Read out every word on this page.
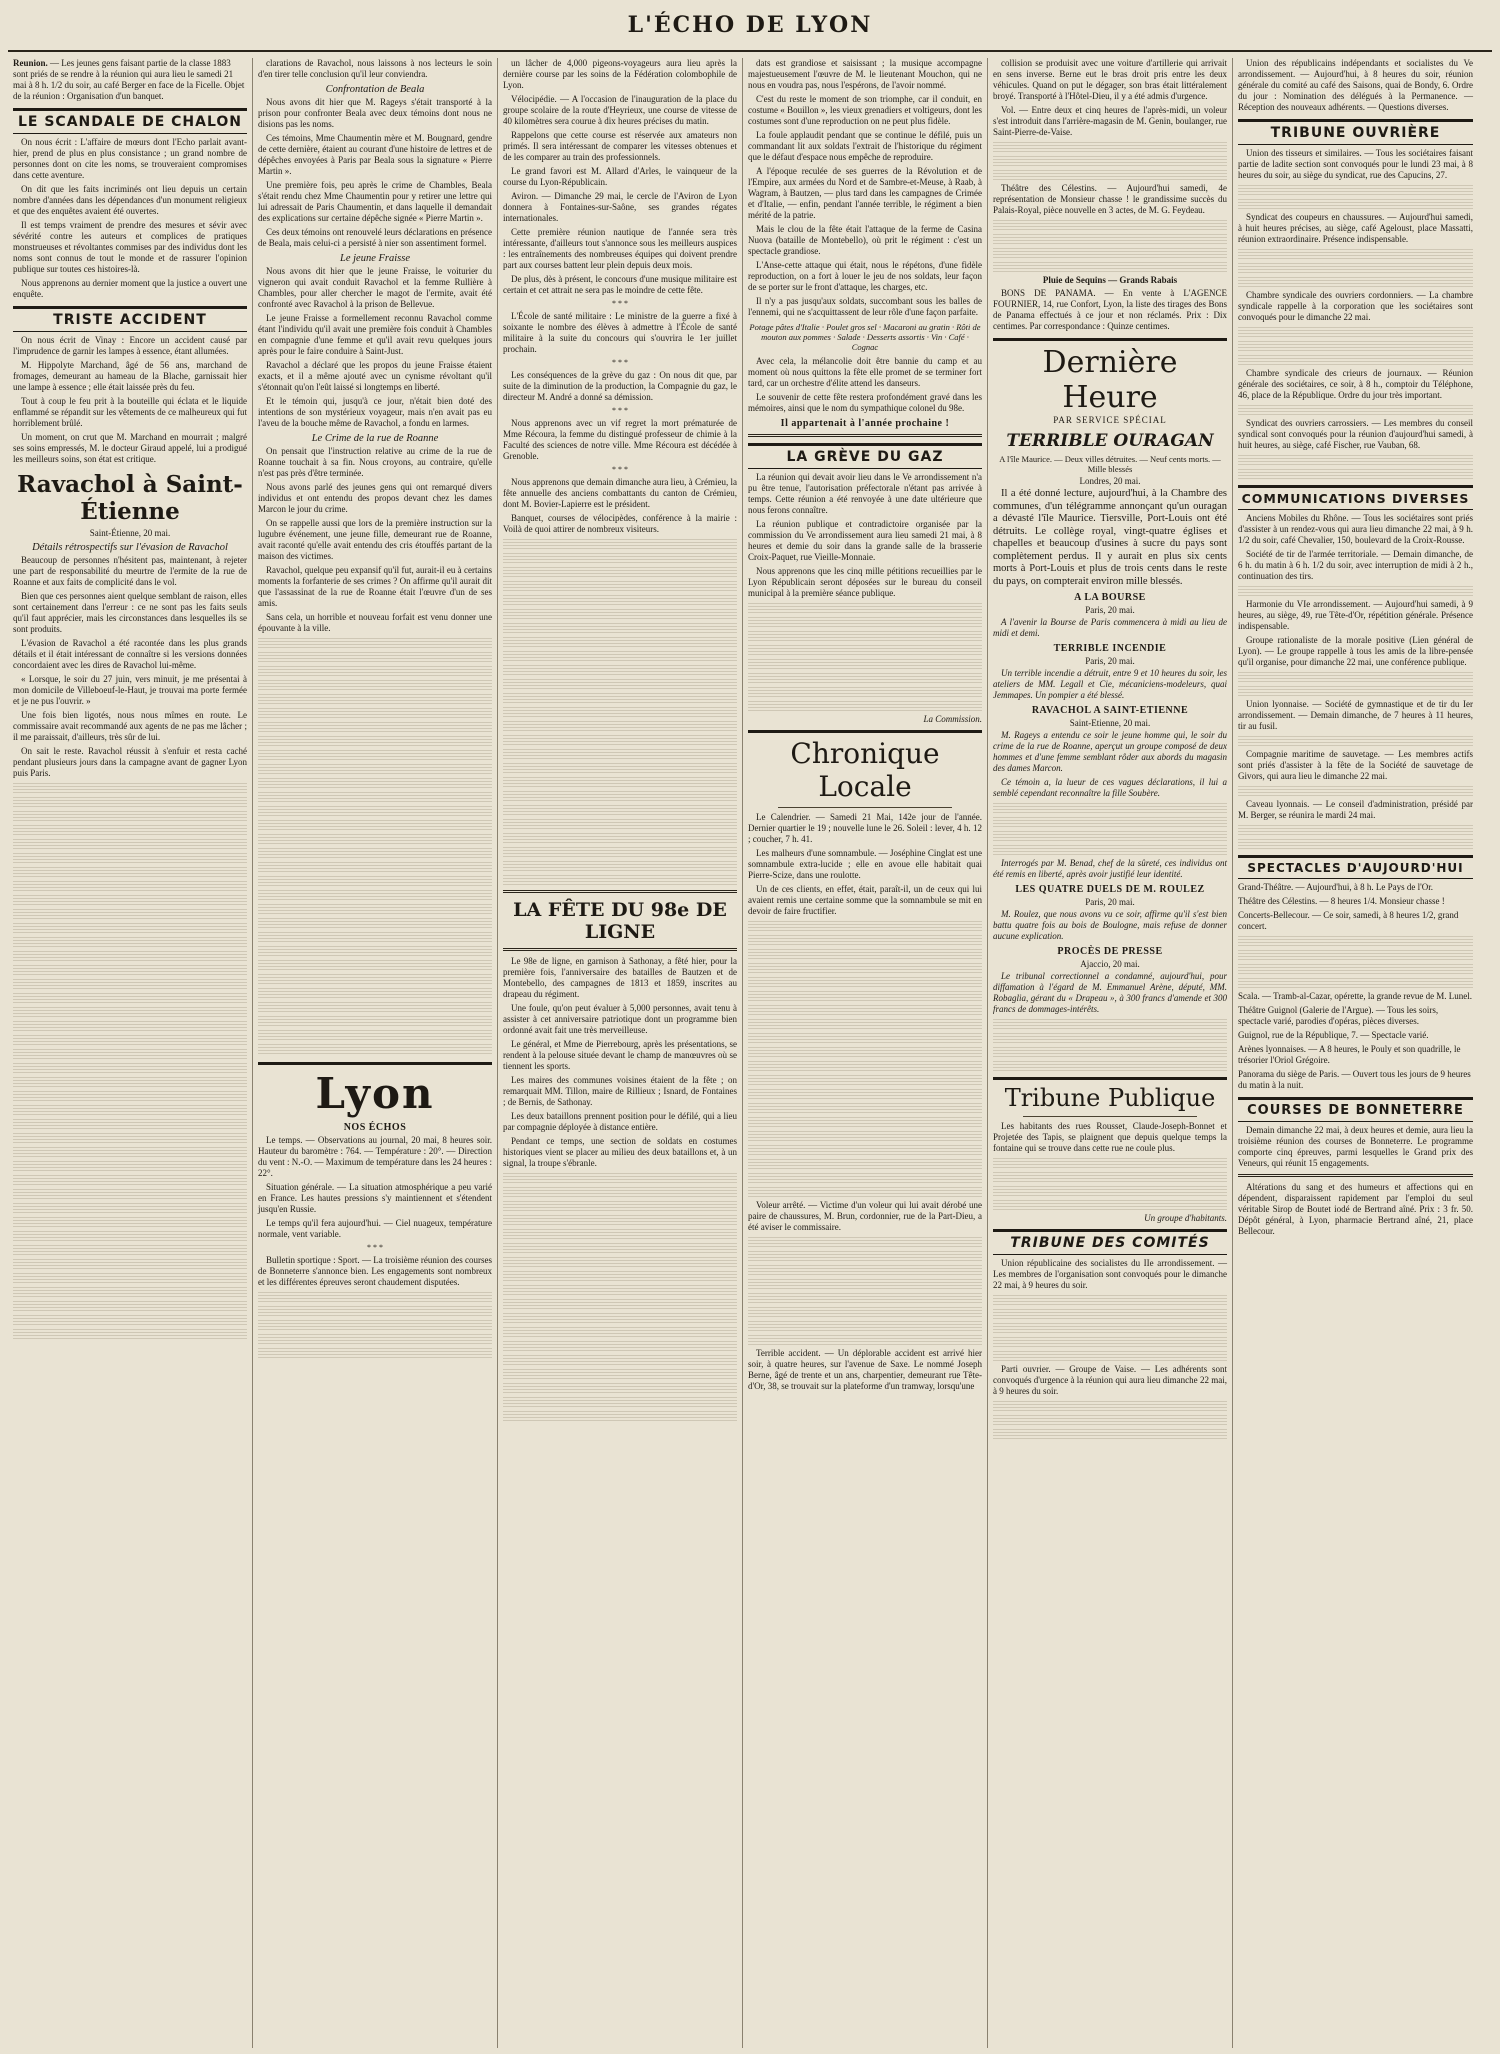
L'ÉCHO DE LYON
Reunion. — Les jeunes gens faisant partie de la classe 1883 sont priés de se rendre à la réunion qui aura lieu le samedi 21 mai à 8 h. 1/2 du soir, au café Berger en face de la Ficelle. Objet de la réunion : Organisation d'un banquet.
LE SCANDALE DE CHALON

On nous écrit : L'affaire de mœurs dont l'Echo parlait avant-hier, prend de plus en plus consistance ; un grand nombre de personnes dont on cite les noms, se trouveraient compromises dans cette aventure.

On dit que les faits incriminés ont lieu depuis un certain nombre d'années dans les dépendances d'un monument religieux et que des enquêtes avaient été ouvertes.

Il est temps vraiment de prendre des mesures et sévir avec sévérité contre les auteurs et complices de pratiques monstrueuses et révoltantes commises par des individus dont les noms sont connus de tout le monde et de rassurer l'opinion publique sur toutes ces histoires-là.

Nous apprenons au dernier moment que la justice a ouvert une enquête.

TRISTE ACCIDENT

On nous écrit de Vinay : Encore un accident causé par l'imprudence de garnir les lampes à essence, étant allumées.

M. Hippolyte Marchand, âgé de 56 ans, marchand de fromages, demeurant au hameau de la Blache, garnissait hier une lampe à essence ; elle était laissée près du feu.

Tout à coup le feu prit à la bouteille qui éclata et le liquide enflammé se répandit sur les vêtements de ce malheureux qui fut horriblement brûlé.

Un moment, on crut que M. Marchand en mourrait ; malgré ses soins empressés, M. le docteur Giraud appelé, lui a prodigué les meilleurs soins, son état est critique.

Ravachol à Saint-Étienne
Saint-Étienne, 20 mai.
Détails rétrospectifs sur l'évasion de Ravachol

Beaucoup de personnes n'hésitent pas, maintenant, à rejeter une part de responsabilité du meurtre de l'ermite de la rue de Roanne et aux faits de complicité dans le vol.

Bien que ces personnes aient quelque semblant de raison, elles sont certainement dans l'erreur : ce ne sont pas les faits seuls qu'il faut apprécier, mais les circonstances dans lesquelles ils se sont produits.

L'évasion de Ravachol a été racontée dans les plus grands détails et il était intéressant de connaître si les versions données concordaient avec les dires de Ravachol lui-même.

« Lorsque, le soir du 27 juin, vers minuit, je me présentai à mon domicile de Villeboeuf-le-Haut, je trouvai ma porte fermée et je ne pus l'ouvrir. »

Une fois bien ligotés, nous nous mîmes en route. Le commissaire avait recommandé aux agents de ne pas me lâcher ; il me paraissait, d'ailleurs, très sûr de lui.

On sait le reste. Ravachol réussit à s'enfuir et resta caché pendant plusieurs jours dans la campagne avant de gagner Lyon puis Paris.

clarations de Ravachol, nous laissons à nos lecteurs le soin d'en tirer telle conclusion qu'il leur conviendra.

Confrontation de Beala

Nous avons dit hier que M. Rageys s'était transporté à la prison pour confronter Beala avec deux témoins dont nous ne disions pas les noms.

Ces témoins, Mme Chaumentin mère et M. Bougnard, gendre de cette dernière, étaient au courant d'une histoire de lettres et de dépêches envoyées à Paris par Beala sous la signature « Pierre Martin ».

Une première fois, peu après le crime de Chambles, Beala s'était rendu chez Mme Chaumentin pour y retirer une lettre qui lui adressait de Paris Chaumentin, et dans laquelle il demandait des explications sur certaine dépêche signée « Pierre Martin ».

Ces deux témoins ont renouvelé leurs déclarations en présence de Beala, mais celui-ci a persisté à nier son assentiment formel.

Le jeune Fraisse

Nous avons dit hier que le jeune Fraisse, le voiturier du vigneron qui avait conduit Ravachol et la femme Rullière à Chambles, pour aller chercher le magot de l'ermite, avait été confronté avec Ravachol à la prison de Bellevue.

Le jeune Fraisse a formellement reconnu Ravachol comme étant l'individu qu'il avait une première fois conduit à Chambles en compagnie d'une femme et qu'il avait revu quelques jours après pour le faire conduire à Saint-Just.

Ravachol a déclaré que les propos du jeune Fraisse étaient exacts, et il a même ajouté avec un cynisme révoltant qu'il s'étonnait qu'on l'eût laissé si longtemps en liberté.

Et le témoin qui, jusqu'à ce jour, n'était bien doté des intentions de son mystérieux voyageur, mais n'en avait pas eu l'aveu de la bouche même de Ravachol, a fondu en larmes.

Le Crime de la rue de Roanne

On pensait que l'instruction relative au crime de la rue de Roanne touchait à sa fin. Nous croyons, au contraire, qu'elle n'est pas près d'être terminée.

Nous avons parlé des jeunes gens qui ont remarqué divers individus et ont entendu des propos devant chez les dames Marcon le jour du crime.

On se rappelle aussi que lors de la première instruction sur la lugubre événement, une jeune fille, demeurant rue de Roanne, avait raconté qu'elle avait entendu des cris étouffés partant de la maison des victimes.

Ravachol, quelque peu expansif qu'il fut, aurait-il eu à certains moments la forfanterie de ses crimes ? On affirme qu'il aurait dit que l'assassinat de la rue de Roanne était l'œuvre d'un de ses amis.

Sans cela, un horrible et nouveau forfait est venu donner une épouvante à la ville.

Lyon
NOS ÉCHOS

Le temps. — Observations au journal, 20 mai, 8 heures soir. Hauteur du baromètre : 764. — Température : 20°. — Direction du vent : N.-O. — Maximum de température dans les 24 heures : 22°.

Situation générale. — La situation atmosphérique a peu varié en France. Les hautes pressions s'y maintiennent et s'étendent jusqu'en Russie.

Le temps qu'il fera aujourd'hui. — Ciel nuageux, température normale, vent variable.

* * *

Bulletin sportique : Sport. — La troisième réunion des courses de Bonneterre s'annonce bien. Les engagements sont nombreux et les différentes épreuves seront chaudement disputées.

un lâcher de 4,000 pigeons-voyageurs aura lieu après la dernière course par les soins de la Fédération colombophile de Lyon.

Vélocipédie. — A l'occasion de l'inauguration de la place du groupe scolaire de la route d'Heyrieux, une course de vitesse de 40 kilomètres sera courue à dix heures précises du matin.

Rappelons que cette course est réservée aux amateurs non primés. Il sera intéressant de comparer les vitesses obtenues et de les comparer au train des professionnels.

Le grand favori est M. Allard d'Arles, le vainqueur de la course du Lyon-Républicain.

Aviron. — Dimanche 29 mai, le cercle de l'Aviron de Lyon donnera à Fontaines-sur-Saône, ses grandes régates internationales.

Cette première réunion nautique de l'année sera très intéressante, d'ailleurs tout s'annonce sous les meilleurs auspices : les entraînements des nombreuses équipes qui doivent prendre part aux courses battent leur plein depuis deux mois.

De plus, dès à présent, le concours d'une musique militaire est certain et cet attrait ne sera pas le moindre de cette fête.

* * *

L'École de santé militaire : Le ministre de la guerre a fixé à soixante le nombre des élèves à admettre à l'École de santé militaire à la suite du concours qui s'ouvrira le 1er juillet prochain.

* * *

Les conséquences de la grève du gaz : On nous dit que, par suite de la diminution de la production, la Compagnie du gaz, le directeur M. André a donné sa démission.

* * *

Nous apprenons avec un vif regret la mort prématurée de Mme Récoura, la femme du distingué professeur de chimie à la Faculté des sciences de notre ville. Mme Récoura est décédée à Grenoble.

* * *

Nous apprenons que demain dimanche aura lieu, à Crémieu, la fête annuelle des anciens combattants du canton de Crémieu, dont M. Bovier-Lapierre est le président.

Banquet, courses de vélocipèdes, conférence à la mairie : Voilà de quoi attirer de nombreux visiteurs.

LA FÊTE DU 98e DE LIGNE

Le 98e de ligne, en garnison à Sathonay, a fêté hier, pour la première fois, l'anniversaire des batailles de Bautzen et de Montebello, des campagnes de 1813 et 1859, inscrites au drapeau du régiment.

Une foule, qu'on peut évaluer à 5,000 personnes, avait tenu à assister à cet anniversaire patriotique dont un programme bien ordonné avait fait une très merveilleuse.

Le général, et Mme de Pierrebourg, après les présentations, se rendent à la pelouse située devant le champ de manœuvres où se tiennent les sports.

Les maires des communes voisines étaient de la fête ; on remarquait MM. Tillon, maire de Rillieux ; Isnard, de Fontaines ; de Bernis, de Sathonay.

Les deux bataillons prennent position pour le défilé, qui a lieu par compagnie déployée à distance entière.

Pendant ce temps, une section de soldats en costumes historiques vient se placer au milieu des deux bataillons et, à un signal, la troupe s'ébranle.

dats est grandiose et saisissant ; la musique accompagne majestueusement l'œuvre de M. le lieutenant Mouchon, qui ne nous en voudra pas, nous l'espérons, de l'avoir nommé.

C'est du reste le moment de son triomphe, car il conduit, en costume « Bouillon », les vieux grenadiers et voltigeurs, dont les costumes sont d'une reproduction on ne peut plus fidèle.

La foule applaudit pendant que se continue le défilé, puis un commandant lit aux soldats l'extrait de l'historique du régiment que le défaut d'espace nous empêche de reproduire.

A l'époque reculée de ses guerres de la Révolution et de l'Empire, aux armées du Nord et de Sambre-et-Meuse, à Raab, à Wagram, à Bautzen, — plus tard dans les campagnes de Crimée et d'Italie, — enfin, pendant l'année terrible, le régiment a bien mérité de la patrie.

Mais le clou de la fête était l'attaque de la ferme de Casina Nuova (bataille de Montebello), où prit le régiment : c'est un spectacle grandiose.

L'Anse-cette attaque qui était, nous le répétons, d'une fidèle reproduction, on a fort à louer le jeu de nos soldats, leur façon de se porter sur le front d'attaque, les charges, etc.

Il n'y a pas jusqu'aux soldats, succombant sous les balles de l'ennemi, qui ne s'acquittassent de leur rôle d'une façon parfaite.

Potage pâtes d'Italie · Poulet gros sel · Macaroni au gratin · Rôti de mouton aux pommes · Salade · Desserts assortis · Vin · Café · Cognac

Avec cela, la mélancolie doit être bannie du camp et au moment où nous quittons la fête elle promet de se terminer fort tard, car un orchestre d'élite attend les danseurs.

Le souvenir de cette fête restera profondément gravé dans les mémoires, ainsi que le nom du sympathique colonel du 98e.

Il appartenait à l'année prochaine !
LA GRÈVE DU GAZ

La réunion qui devait avoir lieu dans le Ve arrondissement n'a pu être tenue, l'autorisation préfectorale n'étant pas arrivée à temps. Cette réunion a été renvoyée à une date ultérieure que nous ferons connaître.

La réunion publique et contradictoire organisée par la commission du Ve arrondissement aura lieu samedi 21 mai, à 8 heures et demie du soir dans la grande salle de la brasserie Croix-Paquet, rue Vieille-Monnaie.

Nous apprenons que les cinq mille pétitions recueillies par le Lyon Républicain seront déposées sur le bureau du conseil municipal à la première séance publique.

La Commission.
Chronique Locale

Le Calendrier. — Samedi 21 Mai, 142e jour de l'année. Dernier quartier le 19 ; nouvelle lune le 26. Soleil : lever, 4 h. 12 ; coucher, 7 h. 41.

Les malheurs d'une somnambule. — Joséphine Cinglat est une somnambule extra-lucide ; elle en avoue elle habitait quai Pierre-Scize, dans une roulotte.

Un de ces clients, en effet, était, paraît-il, un de ceux qui lui avaient remis une certaine somme que la somnambule se mit en devoir de faire fructifier.

Voleur arrêté. — Victime d'un voleur qui lui avait dérobé une paire de chaussures, M. Brun, cordonnier, rue de la Part-Dieu, a été aviser le commissaire.

Terrible accident. — Un déplorable accident est arrivé hier soir, à quatre heures, sur l'avenue de Saxe. Le nommé Joseph Berne, âgé de trente et un ans, charpentier, demeurant rue Tête-d'Or, 38, se trouvait sur la plateforme d'un tramway, lorsqu'une

collision se produisit avec une voiture d'artillerie qui arrivait en sens inverse. Berne eut le bras droit pris entre les deux véhicules. Quand on put le dégager, son bras était littéralement broyé. Transporté à l'Hôtel-Dieu, il y a été admis d'urgence.

Vol. — Entre deux et cinq heures de l'après-midi, un voleur s'est introduit dans l'arrière-magasin de M. Genin, boulanger, rue Saint-Pierre-de-Vaise.

Théâtre des Célestins. — Aujourd'hui samedi, 4e représentation de Monsieur chasse ! le grandissime succès du Palais-Royal, pièce nouvelle en 3 actes, de M. G. Feydeau.

Pluie de Sequins — Grands Rabais

BONS DE PANAMA. — En vente à L'AGENCE FOURNIER, 14, rue Confort, Lyon, la liste des tirages des Bons de Panama effectués à ce jour et non réclamés. Prix : Dix centimes. Par correspondance : Quinze centimes.

Dernière Heure
PAR SERVICE SPÉCIAL
TERRIBLE OURAGAN
A l'île Maurice. — Deux villes détruites. — Neuf cents morts. — Mille blessés
Londres, 20 mai.

Il a été donné lecture, aujourd'hui, à la Chambre des communes, d'un télégramme annonçant qu'un ouragan a dévasté l'île Maurice. Tiersville, Port-Louis ont été détruits. Le collège royal, vingt-quatre églises et chapelles et beaucoup d'usines à sucre du pays sont complètement perdus. Il y aurait en plus six cents morts à Port-Louis et plus de trois cents dans le reste du pays, on compterait environ mille blessés.

A LA BOURSE
Paris, 20 mai.

A l'avenir la Bourse de Paris commencera à midi au lieu de midi et demi.

TERRIBLE INCENDIE
Paris, 20 mai.

Un terrible incendie a détruit, entre 9 et 10 heures du soir, les ateliers de MM. Legall et Cie, mécaniciens-modeleurs, quai Jemmapes. Un pompier a été blessé.

RAVACHOL A SAINT-ETIENNE
Saint-Etienne, 20 mai.

M. Rageys a entendu ce soir le jeune homme qui, le soir du crime de la rue de Roanne, aperçut un groupe composé de deux hommes et d'une femme semblant rôder aux abords du magasin des dames Marcon.

Ce témoin a, la lueur de ces vagues déclarations, il lui a semblé cependant reconnaître la fille Soubère.

Interrogés par M. Benad, chef de la sûreté, ces individus ont été remis en liberté, après avoir justifié leur identité.

LES QUATRE DUELS DE M. ROULEZ
Paris, 20 mai.

M. Roulez, que nous avons vu ce soir, affirme qu'il s'est bien battu quatre fois au bois de Boulogne, mais refuse de donner aucune explication.

PROCÈS DE PRESSE
Ajaccio, 20 mai.

Le tribunal correctionnel a condamné, aujourd'hui, pour diffamation à l'égard de M. Emmanuel Arène, député, MM. Robaglia, gérant du « Drapeau », à 300 francs d'amende et 300 francs de dommages-intérêts.

Tribune Publique

Les habitants des rues Rousset, Claude-Joseph-Bonnet et Projetée des Tapis, se plaignent que depuis quelque temps la fontaine qui se trouve dans cette rue ne coule plus.

Un groupe d'habitants.
TRIBUNE DES COMITÉS

Union républicaine des socialistes du IIe arrondissement. — Les membres de l'organisation sont convoqués pour le dimanche 22 mai, à 9 heures du soir.

Parti ouvrier. — Groupe de Vaise. — Les adhérents sont convoqués d'urgence à la réunion qui aura lieu dimanche 22 mai, à 9 heures du soir.

Union des républicains indépendants et socialistes du Ve arrondissement. — Aujourd'hui, à 8 heures du soir, réunion générale du comité au café des Saisons, quai de Bondy, 6. Ordre du jour : Nomination des délégués à la Permanence. — Réception des nouveaux adhérents. — Questions diverses.

TRIBUNE OUVRIÈRE

Union des tisseurs et similaires. — Tous les sociétaires faisant partie de ladite section sont convoqués pour le lundi 23 mai, à 8 heures du soir, au siège du syndicat, rue des Capucins, 27.

Syndicat des coupeurs en chaussures. — Aujourd'hui samedi, à huit heures précises, au siège, café Ageloust, place Massatti, réunion extraordinaire. Présence indispensable.

Chambre syndicale des ouvriers cordonniers. — La chambre syndicale rappelle à la corporation que les sociétaires sont convoqués pour le dimanche 22 mai.

Chambre syndicale des crieurs de journaux. — Réunion générale des sociétaires, ce soir, à 8 h., comptoir du Téléphone, 46, place de la République. Ordre du jour très important.

Syndicat des ouvriers carrossiers. — Les membres du conseil syndical sont convoqués pour la réunion d'aujourd'hui samedi, à huit heures, au siège, café Fischer, rue Vauban, 68.

COMMUNICATIONS DIVERSES

Anciens Mobiles du Rhône. — Tous les sociétaires sont priés d'assister à un rendez-vous qui aura lieu dimanche 22 mai, à 9 h. 1/2 du soir, café Chevalier, 150, boulevard de la Croix-Rousse.

Société de tir de l'armée territoriale. — Demain dimanche, de 6 h. du matin à 6 h. 1/2 du soir, avec interruption de midi à 2 h., continuation des tirs.

Harmonie du VIe arrondissement. — Aujourd'hui samedi, à 9 heures, au siège, 49, rue Tête-d'Or, répétition générale. Présence indispensable.

Groupe rationaliste de la morale positive (Lien général de Lyon). — Le groupe rappelle à tous les amis de la libre-pensée qu'il organise, pour dimanche 22 mai, une conférence publique.

Union lyonnaise. — Société de gymnastique et de tir du Ier arrondissement. — Demain dimanche, de 7 heures à 11 heures, tir au fusil.

Compagnie maritime de sauvetage. — Les membres actifs sont priés d'assister à la fête de la Société de sauvetage de Givors, qui aura lieu le dimanche 22 mai.

Caveau lyonnais. — Le conseil d'administration, présidé par M. Berger, se réunira le mardi 24 mai.

SPECTACLES D'AUJOURD'HUI
Grand-Théâtre. — Aujourd'hui, à 8 h. Le Pays de l'Or.
Théâtre des Célestins. — 8 heures 1/4. Monsieur chasse !
Concerts-Bellecour. — Ce soir, samedi, à 8 heures 1/2, grand concert.
Scala. — Tramb-al-Cazar, opérette, la grande revue de M. Lunel.
Théâtre Guignol (Galerie de l'Argue). — Tous les soirs, spectacle varié, parodies d'opéras, pièces diverses.
Guignol, rue de la République, 7. — Spectacle varié.
Arènes lyonnaises. — A 8 heures, le Pouly et son quadrille, le trésorier l'Oriol Grégoire.
Panorama du siège de Paris. — Ouvert tous les jours de 9 heures du matin à la nuit.
COURSES DE BONNETERRE

Demain dimanche 22 mai, à deux heures et demie, aura lieu la troisième réunion des courses de Bonneterre. Le programme comporte cinq épreuves, parmi lesquelles le Grand prix des Veneurs, qui réunit 15 engagements.

Altérations du sang et des humeurs et affections qui en dépendent, disparaissent rapidement par l'emploi du seul véritable Sirop de Boutet iodé de Bertrand aîné. Prix : 3 fr. 50. Dépôt général, à Lyon, pharmacie Bertrand aîné, 21, place Bellecour.
